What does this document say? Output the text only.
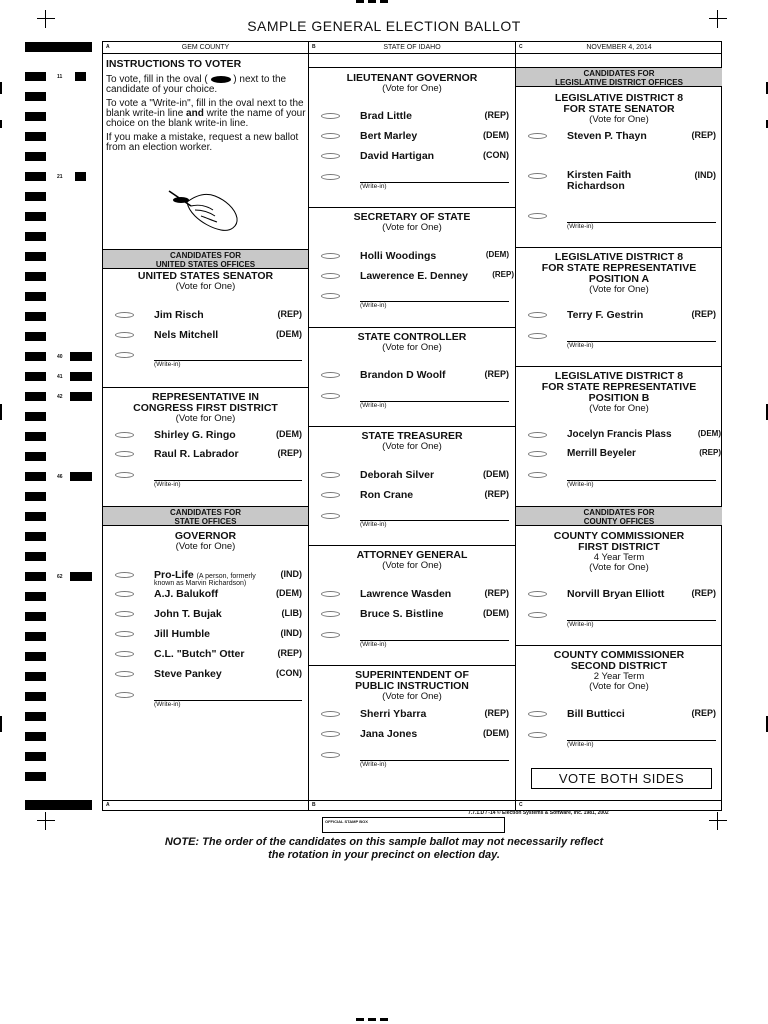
SAMPLE GENERAL ELECTION BALLOT
11
21
40
41
42
46
62
A	GEM COUNTY
INSTRUCTIONS TO VOTER
To vote, fill in the oval (	) next to the candidate of your choice.
To vote a "Write-in", fill in the oval next to the blank write-in line and write the name of your choice on the blank write-in line.
If you make a mistake, request a new ballot from an election worker.
CANDIDATES FOR
UNITED STATES OFFICES
UNITED STATES SENATOR
(Vote for One)
Jim Risch	(REP)
Nels Mitchell	(DEM)
(Write-in)
REPRESENTATIVE IN
CONGRESS FIRST DISTRICT
(Vote for One)
Shirley G. Ringo	(DEM)
Raul R. Labrador	(REP)
(Write-in)
CANDIDATES FOR
STATE OFFICES
GOVERNOR
(Vote for One)
Pro-Life (A person, formerly
known as Marvin Richardson)
(IND)
A.J. Balukoff	(DEM)
John T. Bujak	(LIB)
Jill Humble	(IND)
C.L. "Butch" Otter	(REP)
Steve Pankey	(CON)
(Write-in)
A
B	STATE OF IDAHO
LIEUTENANT GOVERNOR
(Vote for One)
Brad Little	(REP)
Bert Marley	(DEM)
David Hartigan	(CON)
(Write-in)
SECRETARY OF STATE
(Vote for One)
Holli Woodings	(DEM)
Lawerence E. Denney	(REP)
(Write-in)
STATE CONTROLLER
(Vote for One)
Brandon D Woolf	(REP)
(Write-in)
STATE TREASURER
(Vote for One)
Deborah Silver	(DEM)
Ron Crane	(REP)
(Write-in)
ATTORNEY GENERAL
(Vote for One)
Lawrence Wasden	(REP)
Bruce S. Bistline	(DEM)
(Write-in)
SUPERINTENDENT OF
PUBLIC INSTRUCTION
(Vote for One)
Sherri Ybarra	(REP)
Jana Jones	(DEM)
(Write-in)
B
C	NOVEMBER 4, 2014
CANDIDATES FOR
LEGISLATIVE DISTRICT OFFICES
LEGISLATIVE DISTRICT 8
FOR STATE SENATOR
(Vote for One)
Steven P. Thayn	(REP)
Kirsten Faith
Richardson
(IND)
(Write-in)
LEGISLATIVE DISTRICT 8
FOR STATE REPRESENTATIVE
POSITION A
(Vote for One)
Terry F. Gestrin	(REP)
(Write-in)
LEGISLATIVE DISTRICT 8
FOR STATE REPRESENTATIVE
POSITION B
(Vote for One)
Jocelyn Francis Plass	(DEM)
Merrill Beyeler	(REP)
(Write-in)
CANDIDATES FOR
COUNTY OFFICES
COUNTY COMMISSIONER
FIRST DISTRICT
4 Year Term
(Vote for One)
Norvill Bryan Elliott	(REP)
(Write-in)
COUNTY COMMISSIONER
SECOND DISTRICT
2 Year Term
(Vote for One)
Bill Butticci	(REP)
(Write-in)
C
VOTE BOTH SIDES
7.7.1.D / -14 © Election Systems & Software, Inc. 1981, 2002
OFFICIAL STAMP BOX
NOTE: The order of the candidates on this sample ballot may not necessarily reflect
the rotation in your precinct on election day.
